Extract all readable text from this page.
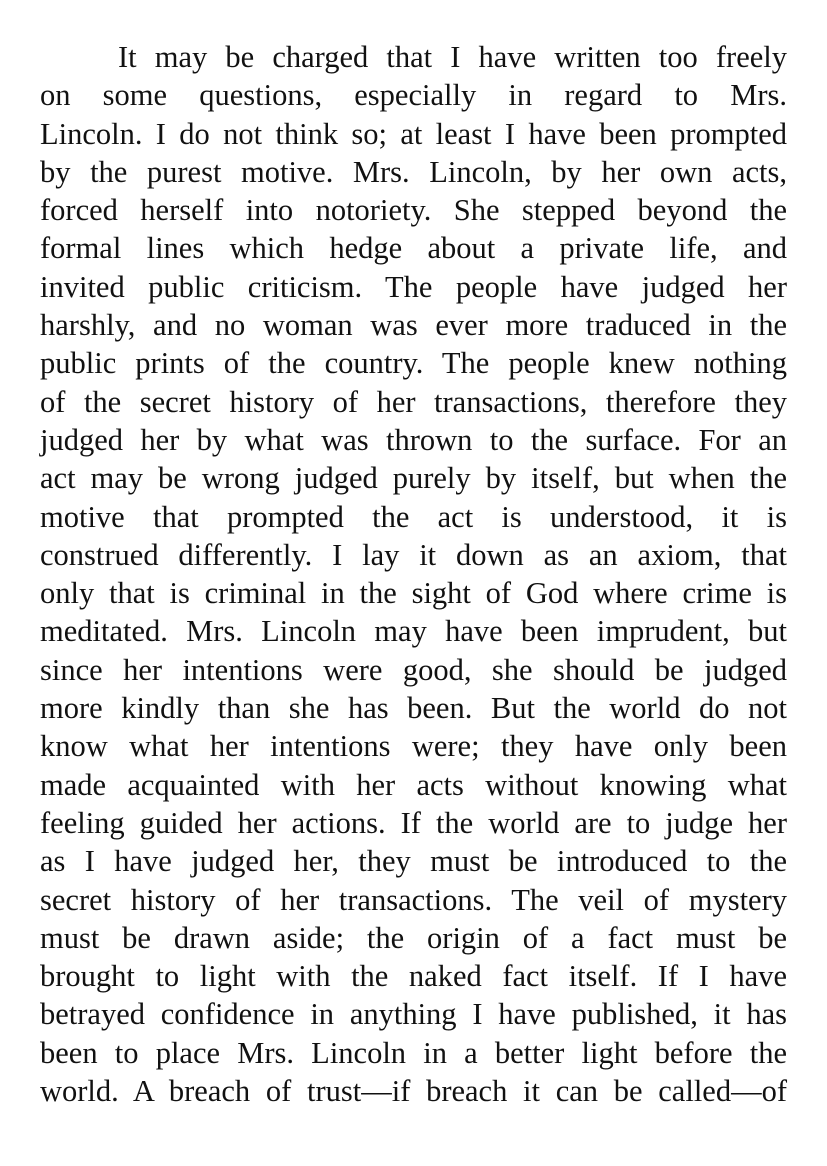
It may be charged that I have written too freely
on some questions, especially in regard to Mrs.
Lincoln. I do not think so; at least I have been prompted
by the purest motive. Mrs. Lincoln, by her own acts,
forced herself into notoriety. She stepped beyond the
formal lines which hedge about a private life, and
invited public criticism. The people have judged her
harshly, and no woman was ever more traduced in the
public prints of the country. The people knew nothing
of the secret history of her transactions, therefore they
judged her by what was thrown to the surface. For an
act may be wrong judged purely by itself, but when the
motive that prompted the act is understood, it is
construed differently. I lay it down as an axiom, that
only that is criminal in the sight of God where crime is
meditated. Mrs. Lincoln may have been imprudent, but
since her intentions were good, she should be judged
more kindly than she has been. But the world do not
know what her intentions were; they have only been
made acquainted with her acts without knowing what
feeling guided her actions. If the world are to judge her
as I have judged her, they must be introduced to the
secret history of her transactions. The veil of mystery
must be drawn aside; the origin of a fact must be
brought to light with the naked fact itself. If I have
betrayed confidence in anything I have published, it has
been to place Mrs. Lincoln in a better light before the
world. A breach of trust—if breach it can be called—of
